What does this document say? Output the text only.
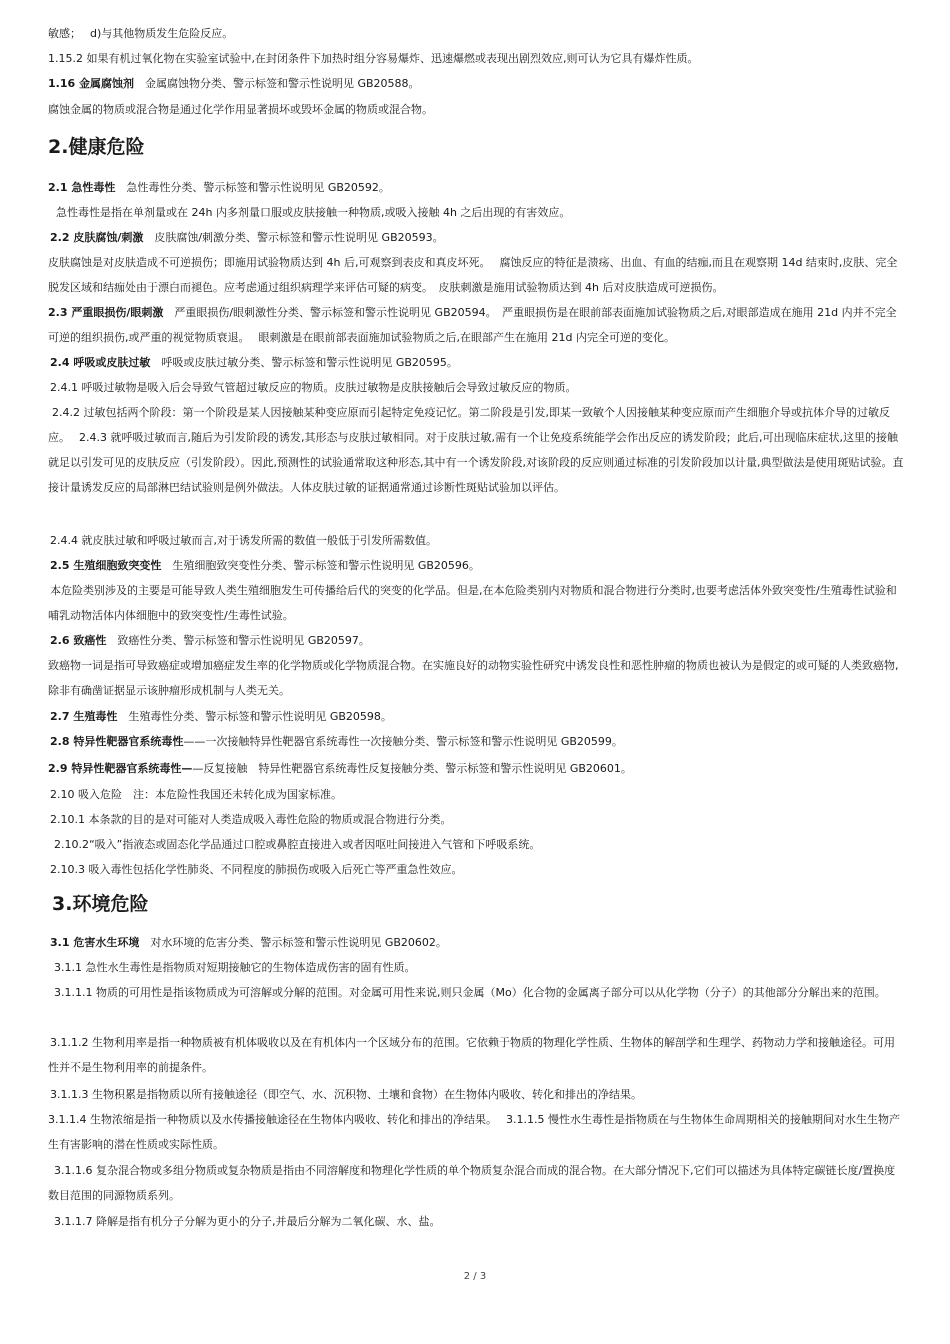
敏感；　 d)与其他物质发生危险反应。
1.15.2 如果有机过氧化物在实验室试验中,在封闭条件下加热时组分容易爆炸、迅速爆燃或表现出剧烈效应,则可认为它具有爆炸性质。
1.16 金属腐蚀剂　金属腐蚀物分类、警示标签和警示性说明见 GB20588。
腐蚀金属的物质或混合物是通过化学作用显著损坏或毁坏金属的物质或混合物。
2.健康危险
2.1 急性毒性　急性毒性分类、警示标签和警示性说明见 GB20592。
急性毒性是指在单剂量或在 24h 内多剂量口服或皮肤接触一种物质,或吸入接触 4h 之后出现的有害效应。
2.2 皮肤腐蚀/刺激　皮肤腐蚀/刺激分类、警示标签和警示性说明见 GB20593。
皮肤腐蚀是对皮肤造成不可逆损伤；即施用试验物质达到 4h 后,可观察到表皮和真皮坏死。　 腐蚀反应的特征是溃疡、出血、有血的结痂,而且在观察期 14d 结束时,皮肤、完全脱发区域和结痂处由于漂白而褪色。应考虑通过组织病理学来评估可疑的病变。　皮肤刺激是施用试验物质达到 4h 后对皮肤造成可逆损伤。
2.3 严重眼损伤/眼刺激　严重眼损伤/眼刺激性分类、警示标签和警示性说明见 GB20594。　严重眼损伤是在眼前部表面施加试验物质之后,对眼部造成在施用 21d 内并不完全可逆的组织损伤,或严重的视觉物质衰退。　 眼刺激是在眼前部表面施加试验物质之后,在眼部产生在施用 21d 内完全可逆的变化。
2.4 呼吸或皮肤过敏　呼吸或皮肤过敏分类、警示标签和警示性说明见 GB20595。
2.4.1 呼吸过敏物是吸入后会导致气管超过敏反应的物质。皮肤过敏物是皮肤接触后会导致过敏反应的物质。
2.4.2 过敏包括两个阶段：第一个阶段是某人因接触某种变应原而引起特定免疫记忆。第二阶段是引发,即某一致敏个人因接触某种变应原而产生细胞介导或抗体介导的过敏反应。　 2.4.3 就呼吸过敏而言,随后为引发阶段的诱发,其形态与皮肤过敏相同。对于皮肤过敏,需有一个让免疫系统能学会作出反应的诱发阶段；此后,可出现临床症状,这里的接触就足以引发可见的皮肤反应（引发阶段）。因此,预测性的试验通常取这种形态,其中有一个诱发阶段,对该阶段的反应则通过标准的引发阶段加以计量,典型做法是使用斑贴试验。直接计量诱发反应的局部淋巴结试验则是例外做法。人体皮肤过敏的证据通常通过诊断性斑贴试验加以评估。
2.4.4 就皮肤过敏和呼吸过敏而言,对于诱发所需的数值一般低于引发所需数值。
2.5 生殖细胞致突变性　生殖细胞致突变性分类、警示标签和警示性说明见 GB20596。
本危险类别涉及的主要是可能导致人类生殖细胞发生可传播给后代的突变的化学品。但是,在本危险类别内对物质和混合物进行分类时,也要考虑活体外致突变性/生殖毒性试验和哺乳动物活体内体细胞中的致突变性/生毒性试验。
2.6 致癌性　致癌性分类、警示标签和警示性说明见 GB20597。
致癌物一词是指可导致癌症或增加癌症发生率的化学物质或化学物质混合物。在实施良好的动物实验性研究中诱发良性和恶性肿瘤的物质也被认为是假定的或可疑的人类致癌物,除非有确凿证据显示该肿瘤形成机制与人类无关。
2.7 生殖毒性　生殖毒性分类、警示标签和警示性说明见 GB20598。
2.8 特异性靶器官系统毒性——一次接触特异性靶器官系统毒性一次接触分类、警示标签和警示性说明见 GB20599。
2.9 特异性靶器官系统毒性——反复接触　特异性靶器官系统毒性反复接触分类、警示标签和警示性说明见 GB20601。
2.10 吸入危险　注：本危险性我国还未转化成为国家标准。
2.10.1 本条款的目的是对可能对人类造成吸入毒性危险的物质或混合物进行分类。
2.10.2“吸入”指液态或固态化学品通过口腔或鼻腔直接进入或者因呕吐间接进入气管和下呼吸系统。
2.10.3 吸入毒性包括化学性肺炎、不同程度的肺损伤或吸入后死亡等严重急性效应。
3.环境危险
3.1 危害水生环境　对水环境的危害分类、警示标签和警示性说明见 GB20602。
3.1.1 急性水生毒性是指物质对短期接触它的生物体造成伤害的固有性质。
3.1.1.1 物质的可用性是指该物质成为可溶解或分解的范围。对金属可用性来说,则只金属（Mo）化合物的金属离子部分可以从化学物（分子）的其他部分分解出来的范围。
3.1.1.2 生物利用率是指一种物质被有机体吸收以及在有机体内一个区域分布的范围。它依赖于物质的物理化学性质、生物体的解剖学和生理学、药物动力学和接触途径。可用性并不是生物利用率的前提条件。
3.1.1.3 生物积累是指物质以所有接触途径（即空气、水、沉积物、土壤和食物）在生物体内吸收、转化和排出的净结果。
3.1.1.4 生物浓缩是指一种物质以及水传播接触途径在生物体内吸收、转化和排出的净结果。　 3.1.1.5 慢性水生毒性是指物质在与生物体生命周期相关的接触期间对水生生物产生有害影响的潜在性质或实际性质。
3.1.1.6 复杂混合物或多组分物质或复杂物质是指由不同溶解度和物理化学性质的单个物质复杂混合而成的混合物。在大部分情况下,它们可以描述为具体特定碳链长度/置换度数目范围的同源物质系列。
3.1.1.7 降解是指有机分子分解为更小的分子,并最后分解为二氧化碳、水、盐。
2 / 3
